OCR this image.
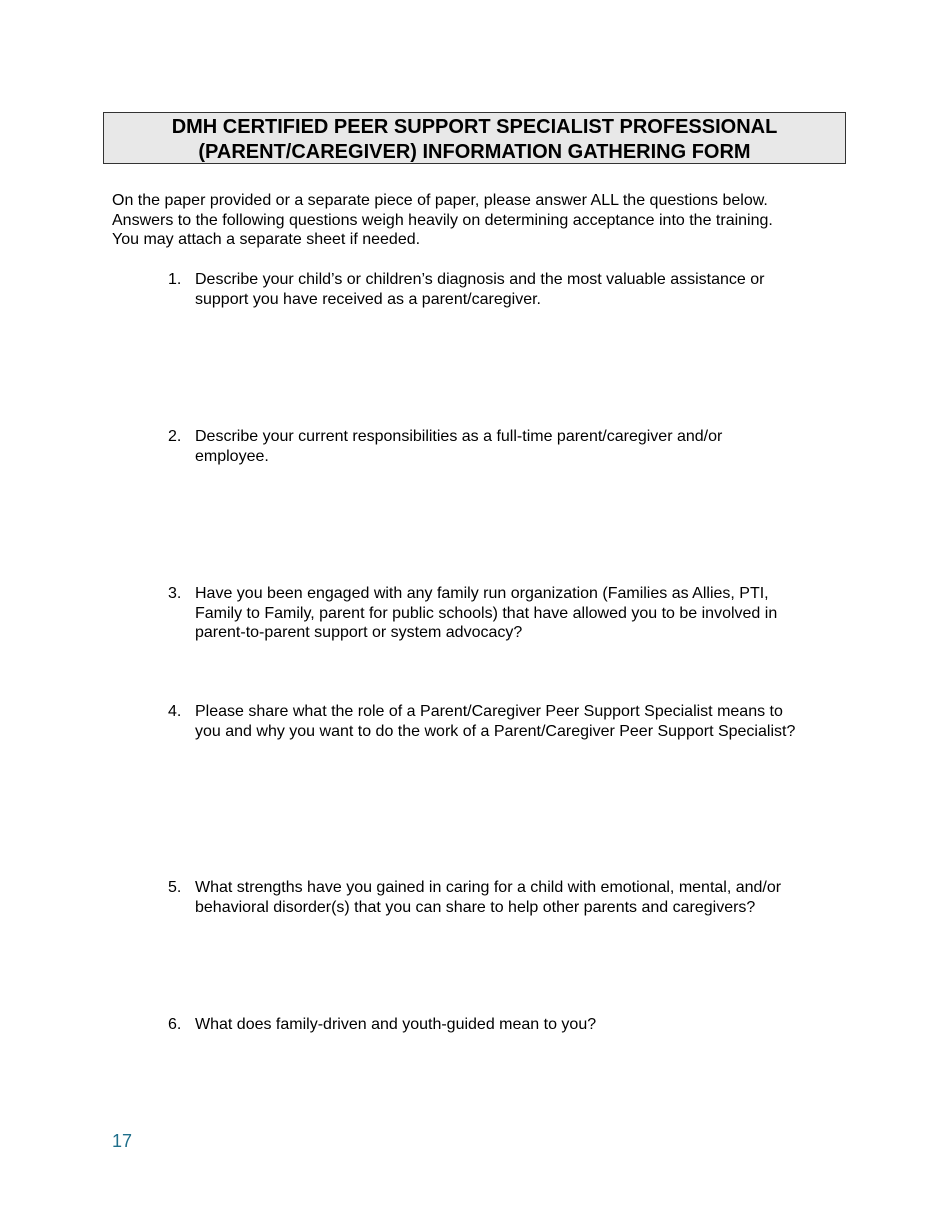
DMH CERTIFIED PEER SUPPORT SPECIALIST PROFESSIONAL
(PARENT/CAREGIVER) INFORMATION GATHERING FORM
On the paper provided or a separate piece of paper, please answer ALL the questions below.
Answers to the following questions weigh heavily on determining acceptance into the training.
You may attach a separate sheet if needed.
1. Describe your child’s or children’s diagnosis and the most valuable assistance or
support you have received as a parent/caregiver.
2. Describe your current responsibilities as a full-time parent/caregiver and/or
employee.
3. Have you been engaged with any family run organization (Families as Allies, PTI,
Family to Family, parent for public schools) that have allowed you to be involved in
parent-to-parent support or system advocacy?
4. Please share what the role of a Parent/Caregiver Peer Support Specialist means to
you and why you want to do the work of a Parent/Caregiver Peer Support Specialist?
5. What strengths have you gained in caring for a child with emotional, mental, and/or
behavioral disorder(s) that you can share to help other parents and caregivers?
6. What does family-driven and youth-guided mean to you?
17
